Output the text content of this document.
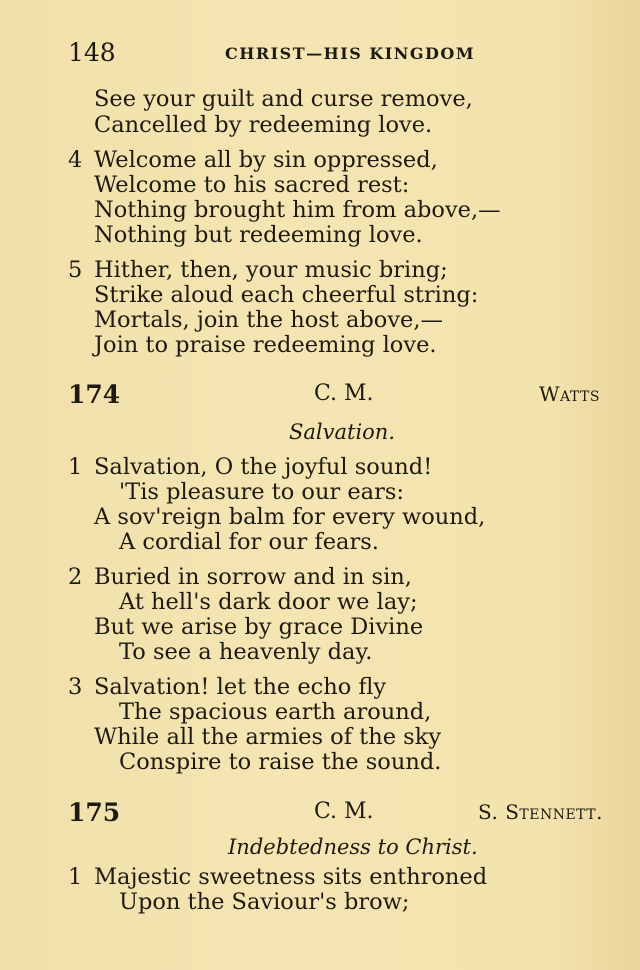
148	CHRIST—HIS KINGDOM
See your guilt and curse remove,
Cancelled by redeeming love.
4 Welcome all by sin oppressed,
Welcome to his sacred rest:
Nothing brought him from above,—
Nothing but redeeming love.
5 Hither, then, your music bring;
Strike aloud each cheerful string:
Mortals, join the host above,—
Join to praise redeeming love.
174	C. M.	Watts
Salvation.
1 Salvation, O the joyful sound!
'Tis pleasure to our ears:
A sov'reign balm for every wound,
A cordial for our fears.
2 Buried in sorrow and in sin,
At hell's dark door we lay;
But we arise by grace Divine
To see a heavenly day.
3 Salvation! let the echo fly
The spacious earth around,
While all the armies of the sky
Conspire to raise the sound.
175	C. M.	S. Stennett.
Indebtedness to Christ.
1 Majestic sweetness sits enthroned
Upon the Saviour's brow;
